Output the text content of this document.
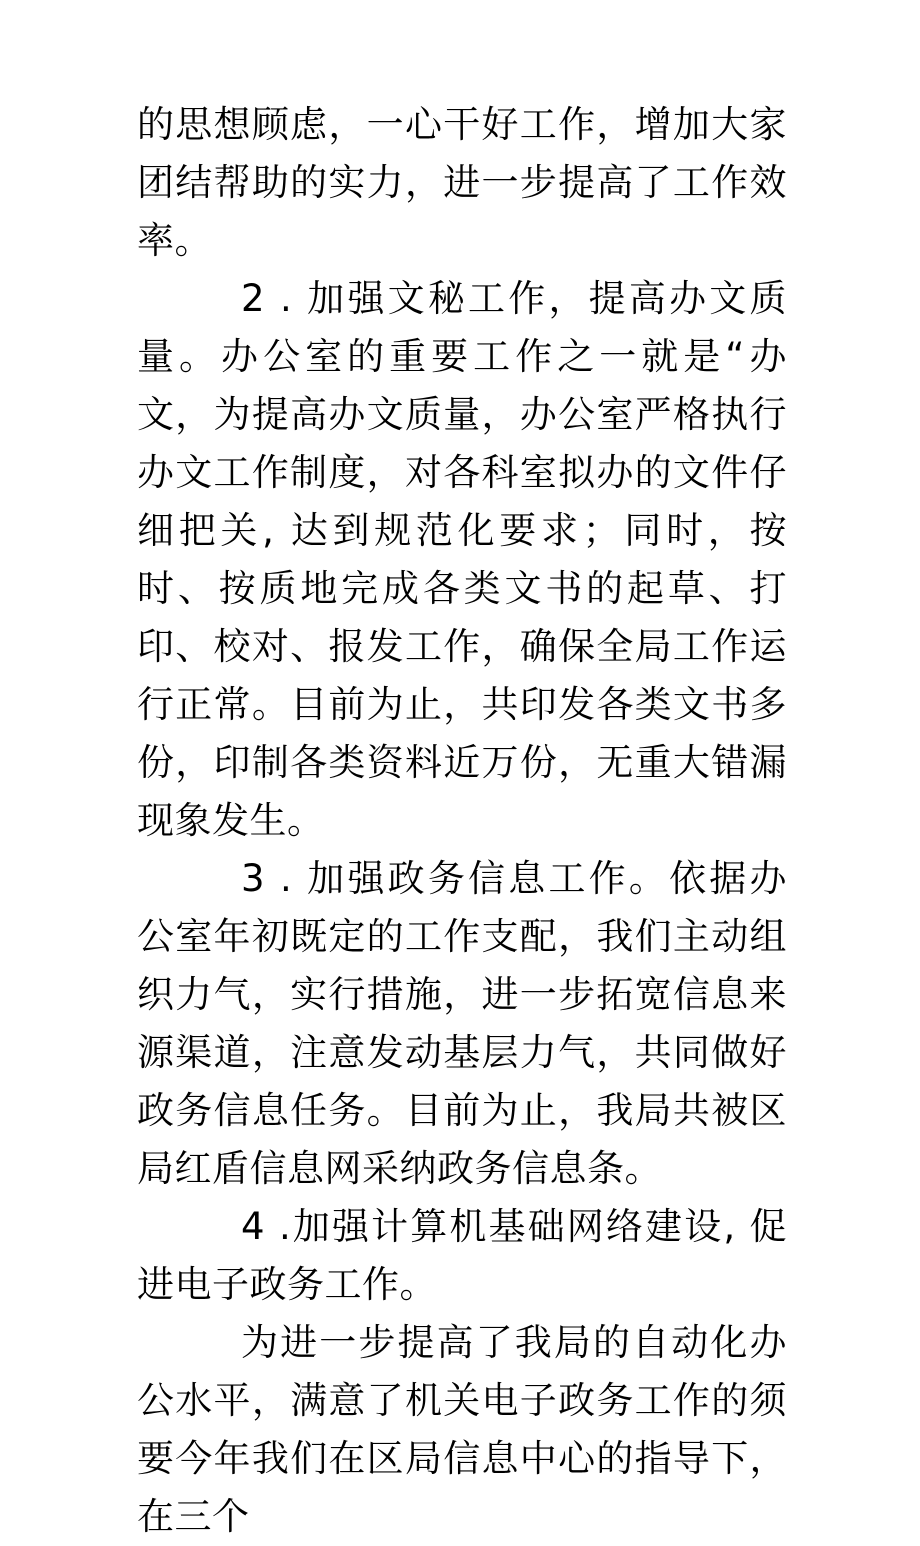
的思想顾虑，一心干好工作，增加大家团结帮助的实力，进一步提高了工作效率。

2 . 加强文秘工作，提高办文质量。办公室的重要工作之一就是“办文，为提高办文质量，办公室严格执行办文工作制度，对各科室拟办的文件仔细把关, 达到规范化要求；同时，按时、按质地完成各类文书的起草、打印、校对、报发工作，确保全局工作运行正常。目前为止，共印发各类文书多份，印制各类资料近万份，无重大错漏现象发生。

3 . 加强政务信息工作。依据办公室年初既定的工作支配，我们主动组织力气，实行措施，进一步拓宽信息来源渠道，注意发动基层力气，共同做好政务信息任务。目前为止，我局共被区局红盾信息网采纳政务信息条。

4 .加强计算机基础网络建设, 促进电子政务工作。

为进一步提高了我局的自动化办公水平，满意了机关电子政务工作的须要今年我们在区局信息中心的指导下，在三个
